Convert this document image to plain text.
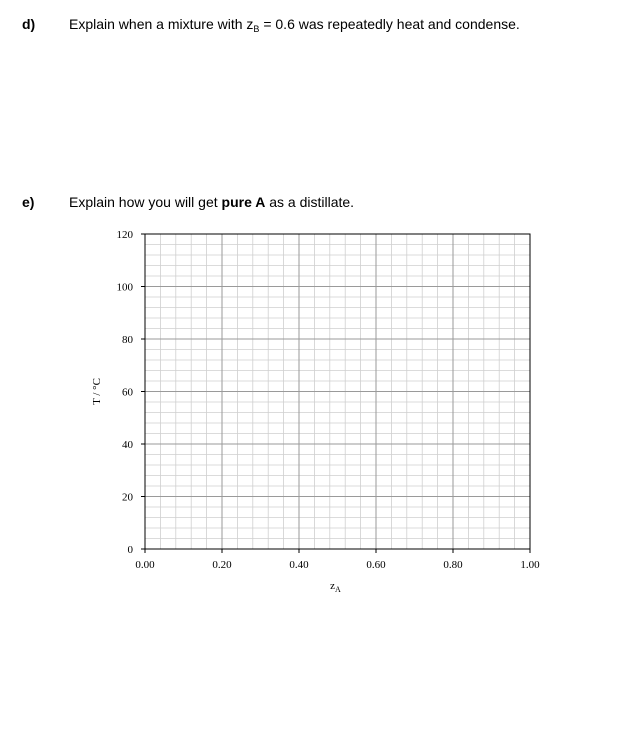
d) Explain when a mixture with $z_B = 0.6$ was repeatedly heat and condense.
e) Explain how you will get pure A as a distillate.
0.00	0.20	0.40	0.60	0.80	1.00
0
20
40
60
80
100
120
$z_A$
T / °C
